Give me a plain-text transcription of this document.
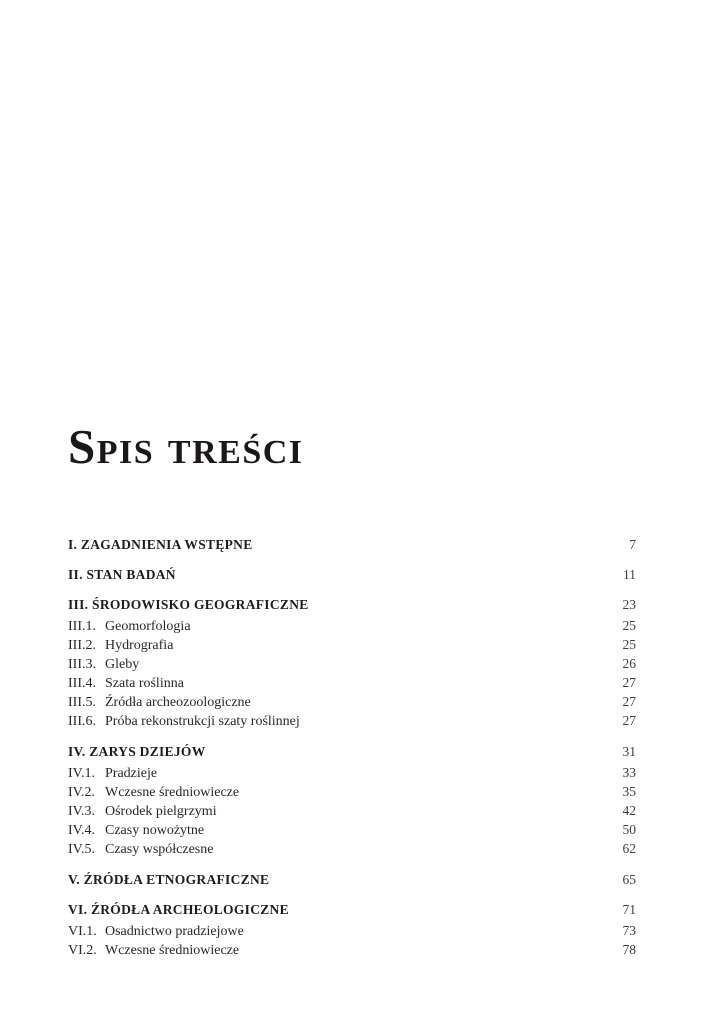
Spis treści
I. ZAGADNIENIA WSTĘPNE	7
II. STAN BADAŃ	11
III. ŚRODOWISKO GEOGRAFICZNE	23
III.1. Geomorfologia	25
III.2. Hydrografia	25
III.3. Gleby	26
III.4. Szata roślinna	27
III.5. Źródła archeozoologiczne	27
III.6. Próba rekonstrukcji szaty roślinnej	27
IV. ZARYS DZIEJÓW	31
IV.1. Pradzieje	33
IV.2. Wczesne średniowiecze	35
IV.3. Ośrodek pielgrzymi	42
IV.4. Czasy nowożytne	50
IV.5. Czasy współczesne	62
V. ŹRÓDŁA ETNOGRAFICZNE	65
VI. ŹRÓDŁA ARCHEOLOGICZNE	71
VI.1. Osadnictwo pradziejowe	73
VI.2. Wczesne średniowiecze	78
